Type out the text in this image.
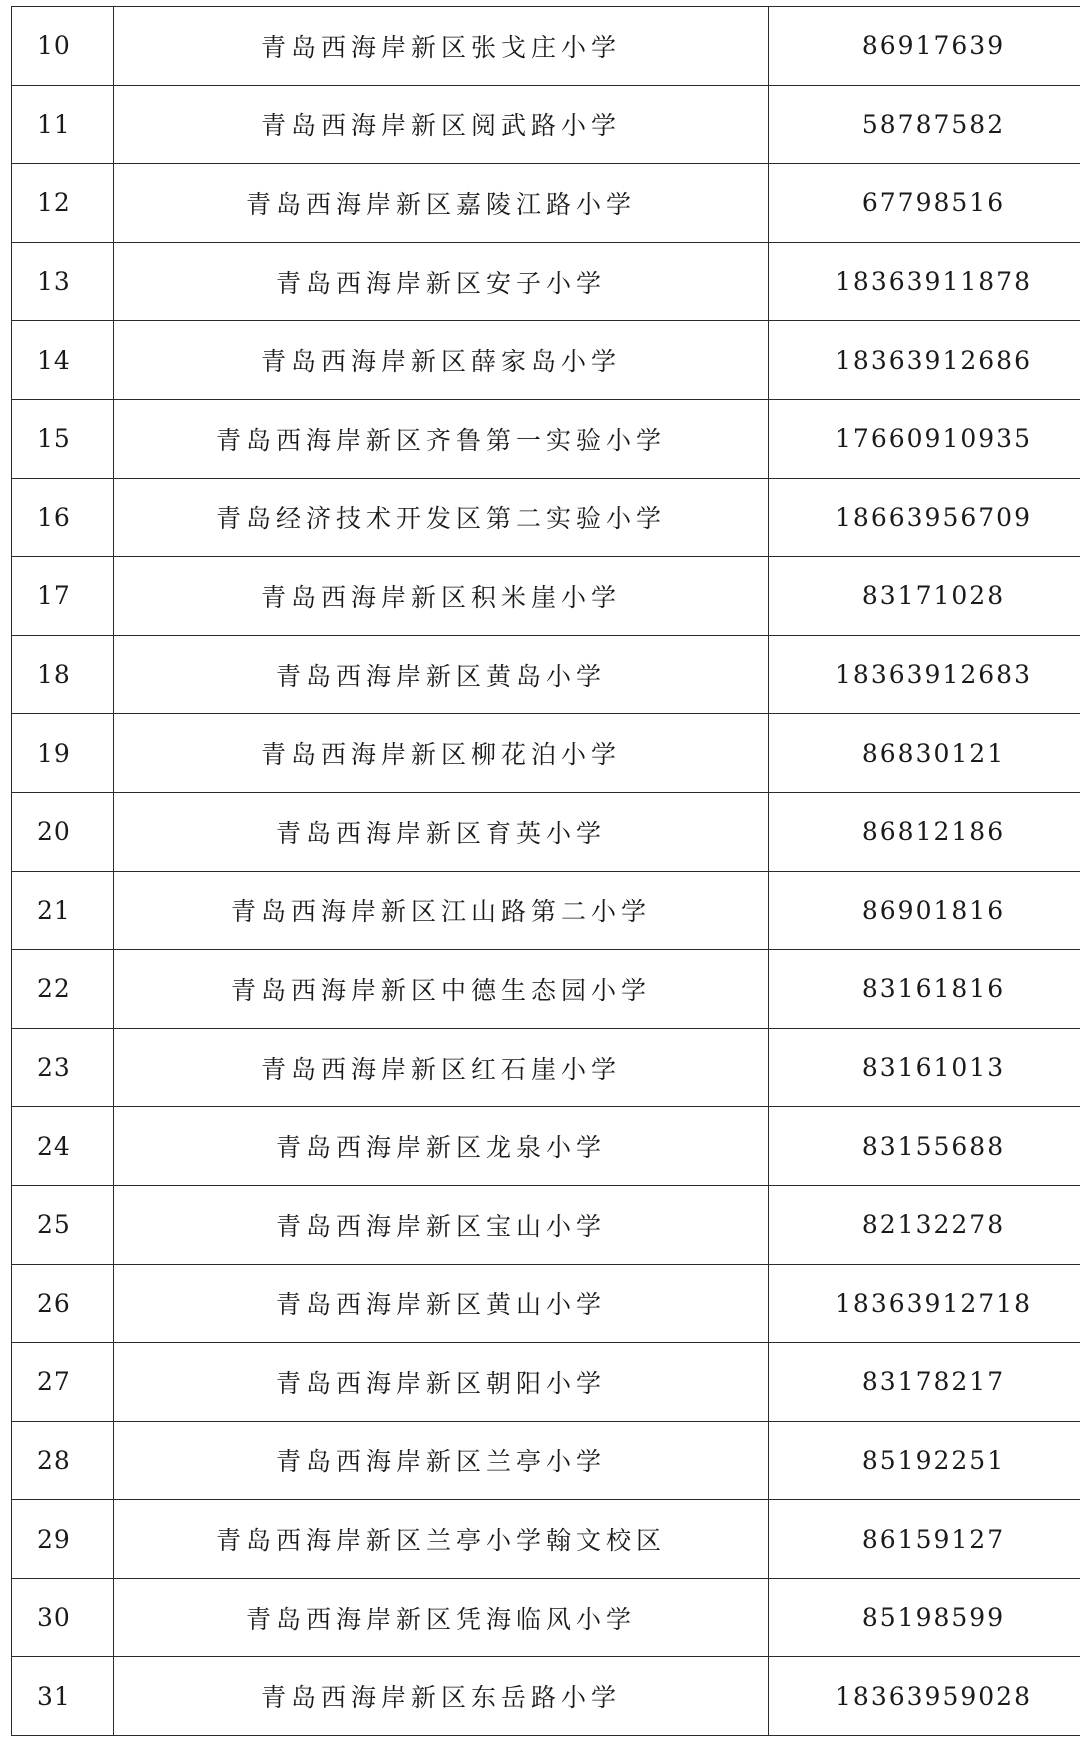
10	青岛西海岸新区张戈庄小学	86917639
11	青岛西海岸新区阅武路小学	58787582
12	青岛西海岸新区嘉陵江路小学	67798516
13	青岛西海岸新区安子小学	18363911878
14	青岛西海岸新区薛家岛小学	18363912686
15	青岛西海岸新区齐鲁第一实验小学	17660910935
16	青岛经济技术开发区第二实验小学	18663956709
17	青岛西海岸新区积米崖小学	83171028
18	青岛西海岸新区黄岛小学	18363912683
19	青岛西海岸新区柳花泊小学	86830121
20	青岛西海岸新区育英小学	86812186
21	青岛西海岸新区江山路第二小学	86901816
22	青岛西海岸新区中德生态园小学	83161816
23	青岛西海岸新区红石崖小学	83161013
24	青岛西海岸新区龙泉小学	83155688
25	青岛西海岸新区宝山小学	82132278
26	青岛西海岸新区黄山小学	18363912718
27	青岛西海岸新区朝阳小学	83178217
28	青岛西海岸新区兰亭小学	85192251
29	青岛西海岸新区兰亭小学翰文校区	86159127
30	青岛西海岸新区凭海临风小学	85198599
31	青岛西海岸新区东岳路小学	18363959028
